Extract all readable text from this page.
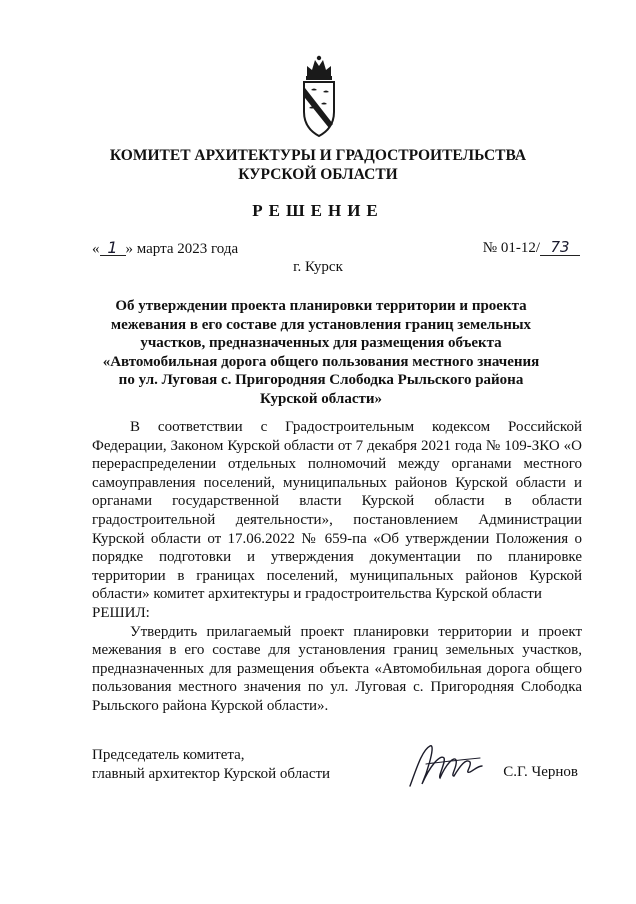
КОМИТЕТ АРХИТЕКТУРЫ И ГРАДОСТРОИТЕЛЬСТВА
КУРСКОЙ ОБЛАСТИ
РЕШЕНИЕ
« 1 » марта 2023 года	№ 01-12/ 73
г. Курск
Об утверждении проекта планировки территории и проекта межевания в его составе для установления границ земельных участков, предназначенных для размещения объекта «Автомобильная дорога общего пользования местного значения по ул. Луговая с. Пригородняя Слободка Рыльского района Курской области»

В соответствии с Градостроительным кодексом Российской Федерации, Законом Курской области от 7 декабря 2021 года № 109-ЗКО «О перераспределении отдельных полномочий между органами местного самоуправления поселений, муниципальных районов Курской области и органами государственной власти Курской области в области градостроительной деятельности», постановлением Администрации Курской области от 17.06.2022 № 659-па «Об утверждении Положения о порядке подготовки и утверждения документации по планировке территории в границах поселений, муниципальных районов Курской области» комитет архитектуры и градостроительства Курской области

РЕШИЛ:

Утвердить прилагаемый проект планировки территории и проект межевания в его составе для установления границ земельных участков, предназначенных для размещения объекта «Автомобильная дорога общего пользования местного значения по ул. Луговая с. Пригородняя Слободка Рыльского района Курской области».

Председатель комитета,
главный архитектор Курской области	С.Г. Чернов
